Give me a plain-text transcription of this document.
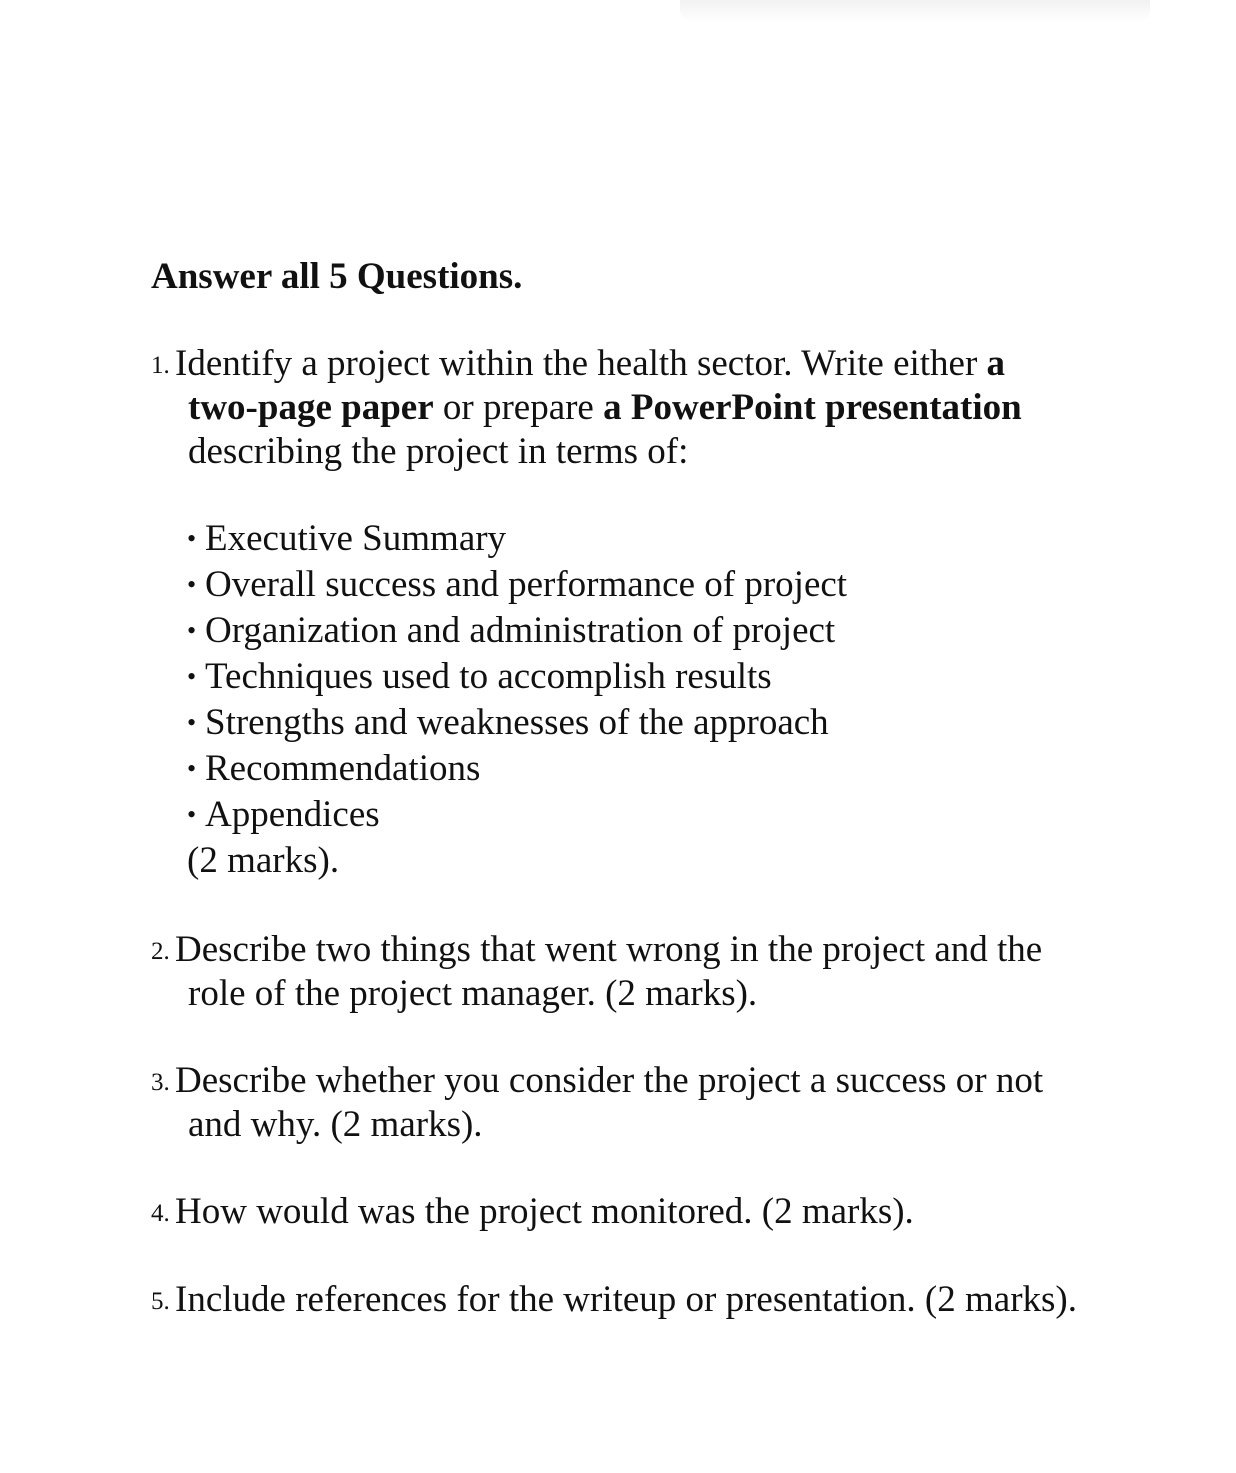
Answer all 5 Questions.
1. Identify a project within the health sector. Write either a
two-page paper or prepare a PowerPoint presentation
describing the project in terms of:
• Executive Summary
• Overall success and performance of project
• Organization and administration of project
• Techniques used to accomplish results
• Strengths and weaknesses of the approach
• Recommendations
• Appendices
(2 marks).
2. Describe two things that went wrong in the project and the
role of the project manager. (2 marks).
3. Describe whether you consider the project a success or not
and why. (2 marks).
4. How would was the project monitored. (2 marks).
5. Include references for the writeup or presentation. (2 marks).
